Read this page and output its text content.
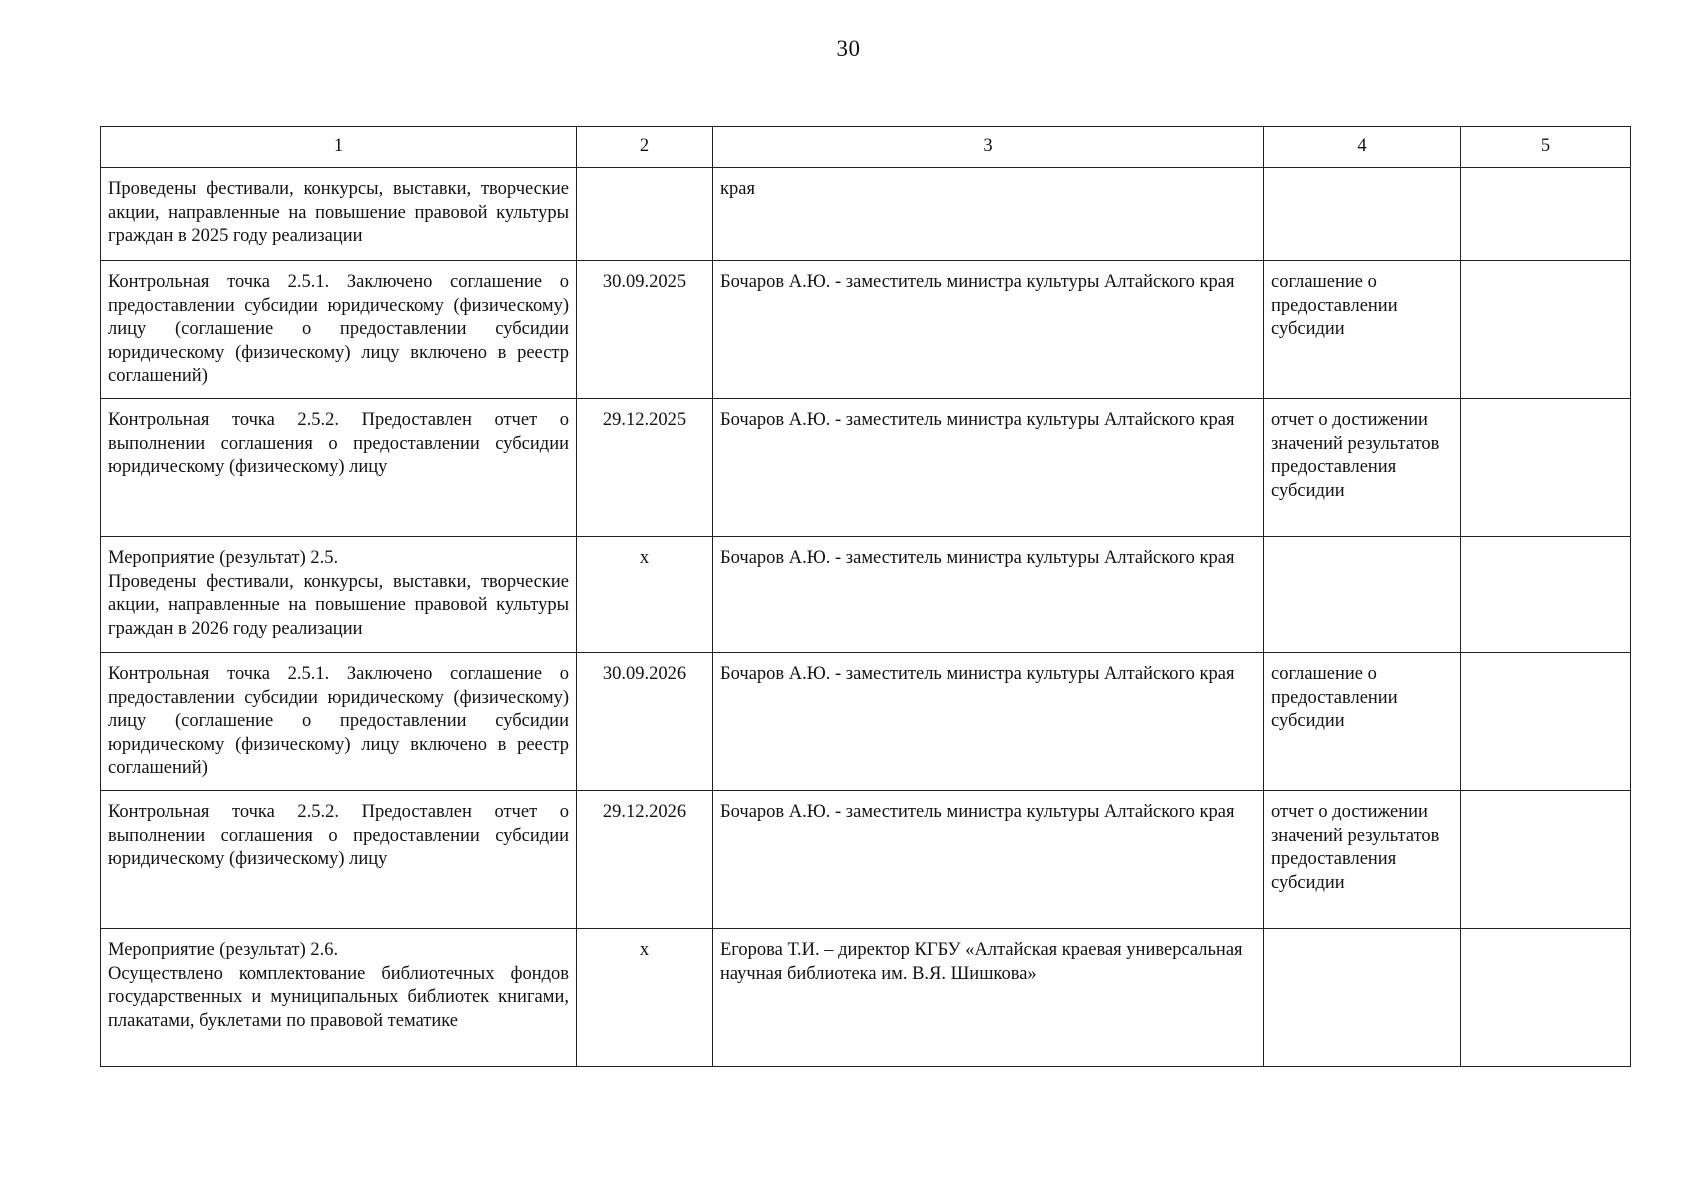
30
1	2	3	4	5

Проведены фестивали, конкурсы, выставки, творческие акции, направленные на повышение правовой культуры граждан в 2025 году реализации		края		

Контрольная точка 2.5.1. Заключено соглашение о предоставлении субсидии юридическому (физическому) лицу (соглашение о предоставлении субсидии юридическому (физическому) лицу включено в реестр соглашений)	30.09.2025	Бочаров А.Ю. - заместитель министра культуры Алтайского края	соглашение о предоставлении субсидии	

Контрольная точка 2.5.2. Предоставлен отчет о выполнении соглашения о предоставлении субсидии юридическому (физическому) лицу	29.12.2025	Бочаров А.Ю. - заместитель министра культуры Алтайского края	отчет о достижении значений результатов предоставления субсидии	

Мероприятие (результат) 2.5.
Проведены фестивали, конкурсы, выставки, творческие акции, направленные на повышение правовой культуры граждан в 2026 году реализации	x	Бочаров А.Ю. - заместитель министра культуры Алтайского края		

Контрольная точка 2.5.1. Заключено соглашение о предоставлении субсидии юридическому (физическому) лицу (соглашение о предоставлении субсидии юридическому (физическому) лицу включено в реестр соглашений)	30.09.2026	Бочаров А.Ю. - заместитель министра культуры Алтайского края	соглашение о предоставлении субсидии	

Контрольная точка 2.5.2. Предоставлен отчет о выполнении соглашения о предоставлении субсидии юридическому (физическому) лицу	29.12.2026	Бочаров А.Ю. - заместитель министра культуры Алтайского края	отчет о достижении значений результатов предоставления субсидии	

Мероприятие (результат) 2.6.
Осуществлено комплектование библиотечных фондов государственных и муниципальных библиотек книгами, плакатами, буклетами по правовой тематике	x	Егорова Т.И. – директор КГБУ «Алтайская краевая универсальная научная библиотека им. В.Я. Шишкова»		
